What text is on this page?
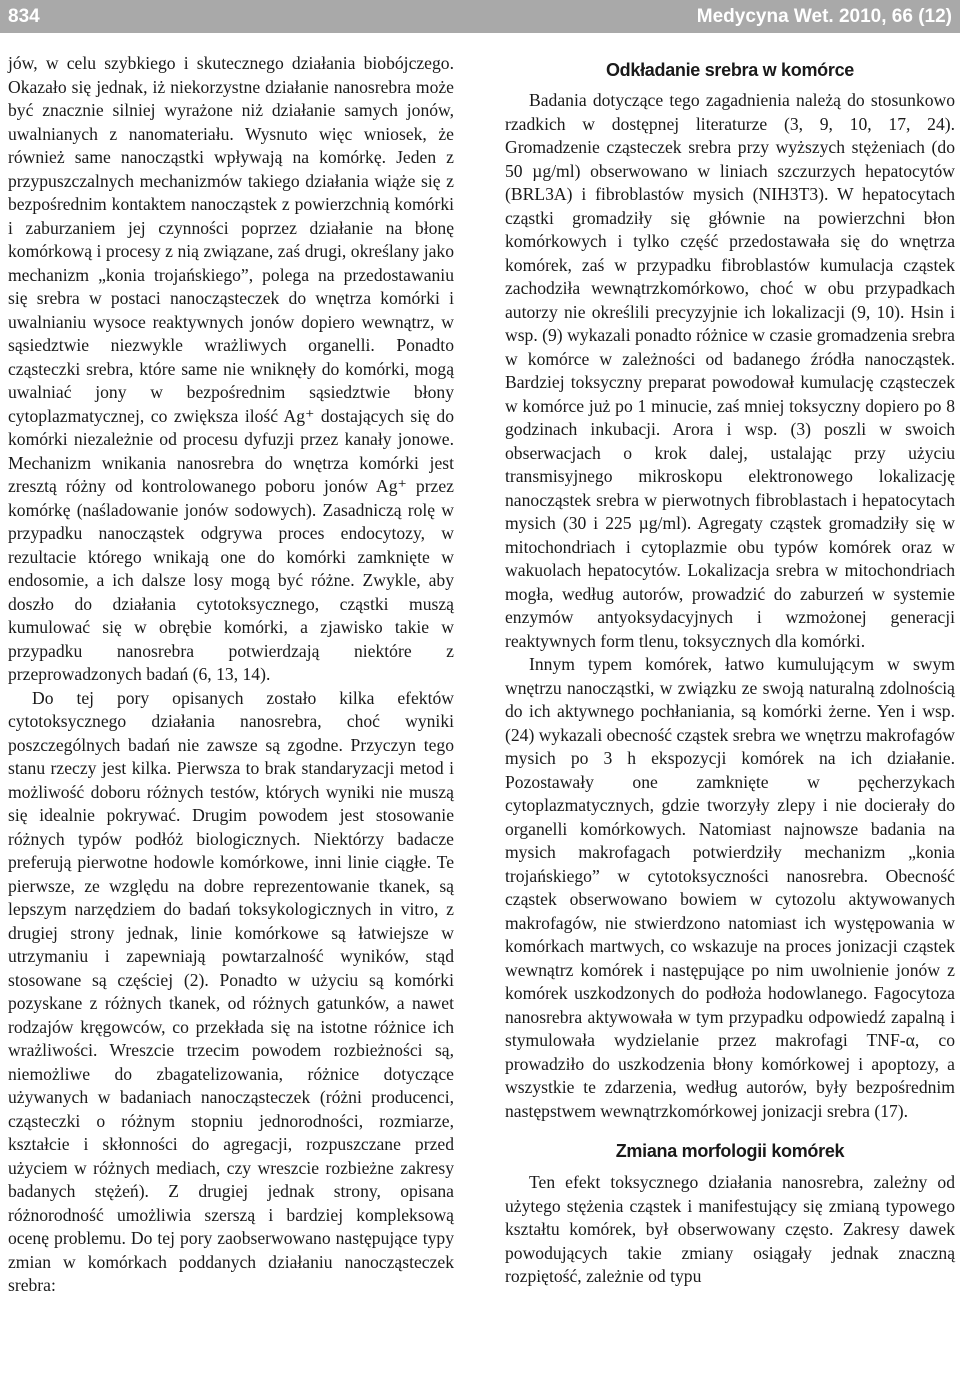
834	Medycyna Wet. 2010, 66 (12)

jów, w celu szybkiego i skutecznego działania biobójczego. Okazało się jednak, iż niekorzystne działanie nanosrebra może być znacznie silniej wyrażone niż działanie samych jonów, uwalnianych z nanomateriału. Wysnuto więc wniosek, że również same nanocząstki wpływają na komórkę. Jeden z przypuszczalnych mechanizmów takiego działania wiąże się z bezpośrednim kontaktem nanocząstek z powierzchnią komórki i zaburzaniem jej czynności poprzez działanie na błonę komórkową i procesy z nią związane, zaś drugi, określany jako mechanizm „konia trojańskiego”, polega na przedostawaniu się srebra w postaci nanocząsteczek do wnętrza komórki i uwalnianiu wysoce reaktywnych jonów dopiero wewnątrz, w sąsiedztwie niezwykle wrażliwych organelli. Ponadto cząsteczki srebra, które same nie wniknęły do komórki, mogą uwalniać jony w bezpośrednim sąsiedztwie błony cytoplazmatycznej, co zwiększa ilość Ag⁺ dostających się do komórki niezależnie od procesu dyfuzji przez kanały jonowe. Mechanizm wnikania nanosrebra do wnętrza komórki jest zresztą różny od kontrolowanego poboru jonów Ag⁺ przez komórkę (naśladowanie jonów sodowych). Zasadniczą rolę w przypadku nanocząstek odgrywa proces endocytozy, w rezultacie którego wnikają one do komórki zamknięte w endosomie, a ich dalsze losy mogą być różne. Zwykle, aby doszło do działania cytotoksycznego, cząstki muszą kumulować się w obrębie komórki, a zjawisko takie w przypadku nanosrebra potwierdzają niektóre z przeprowadzonych badań (6, 13, 14).

Do tej pory opisanych zostało kilka efektów cytotoksycznego działania nanosrebra, choć wyniki poszczególnych badań nie zawsze są zgodne. Przyczyn tego stanu rzeczy jest kilka. Pierwsza to brak standaryzacji metod i możliwość doboru różnych testów, których wyniki nie muszą się idealnie pokrywać. Drugim powodem jest stosowanie różnych typów podłóż biologicznych. Niektórzy badacze preferują pierwotne hodowle komórkowe, inni linie ciągłe. Te pierwsze, ze względu na dobre reprezentowanie tkanek, są lepszym narzędziem do badań toksykologicznych in vitro, z drugiej strony jednak, linie komórkowe są łatwiejsze w utrzymaniu i zapewniają powtarzalność wyników, stąd stosowane są częściej (2). Ponadto w użyciu są komórki pozyskane z różnych tkanek, od różnych gatunków, a nawet rodzajów kręgowców, co przekłada się na istotne różnice ich wrażliwości. Wreszcie trzecim powodem rozbieżności są, niemożliwe do zbagatelizowania, różnice dotyczące używanych w badaniach nanocząsteczek (różni producenci, cząsteczki o różnym stopniu jednorodności, rozmiarze, kształcie i skłonności do agregacji, rozpuszczane przed użyciem w różnych mediach, czy wreszcie rozbieżne zakresy badanych stężeń). Z drugiej jednak strony, opisana różnorodność umożliwia szerszą i bardziej kompleksową ocenę problemu. Do tej pory zaobserwowano następujące typy zmian w komórkach poddanych działaniu nanocząsteczek srebra:

Odkładanie srebra w komórce

Badania dotyczące tego zagadnienia należą do stosunkowo rzadkich w dostępnej literaturze (3, 9, 10, 17, 24). Gromadzenie cząsteczek srebra przy wyższych stężeniach (do 50 µg/ml) obserwowano w liniach szczurzych hepatocytów (BRL3A) i fibroblastów mysich (NIH3T3). W hepatocytach cząstki gromadziły się głównie na powierzchni błon komórkowych i tylko część przedostawała się do wnętrza komórek, zaś w przypadku fibroblastów kumulacja cząstek zachodziła wewnątrzkomórkowo, choć w obu przypadkach autorzy nie określili precyzyjnie ich lokalizacji (9, 10). Hsin i wsp. (9) wykazali ponadto różnice w czasie gromadzenia srebra w komórce w zależności od badanego źródła nanocząstek. Bardziej toksyczny preparat powodował kumulację cząsteczek w komórce już po 1 minucie, zaś mniej toksyczny dopiero po 8 godzinach inkubacji. Arora i wsp. (3) poszli w swoich obserwacjach o krok dalej, ustalając przy użyciu transmisyjnego mikroskopu elektronowego lokalizację nanocząstek srebra w pierwotnych fibroblastach i hepatocytach mysich (30 i 225 µg/ml). Agregaty cząstek gromadziły się w mitochondriach i cytoplazmie obu typów komórek oraz w wakuolach hepatocytów. Lokalizacja srebra w mitochondriach mogła, według autorów, prowadzić do zaburzeń w systemie enzymów antyoksydacyjnych i wzmożonej generacji reaktywnych form tlenu, toksycznych dla komórki.

Innym typem komórek, łatwo kumulującym w swym wnętrzu nanocząstki, w związku ze swoją naturalną zdolnością do ich aktywnego pochłaniania, są komórki żerne. Yen i wsp. (24) wykazali obecność cząstek srebra we wnętrzu makrofagów mysich po 3 h ekspozycji komórek na ich działanie. Pozostawały one zamknięte w pęcherzykach cytoplazmatycznych, gdzie tworzyły zlepy i nie docierały do organelli komórkowych. Natomiast najnowsze badania na mysich makrofagach potwierdziły mechanizm „konia trojańskiego” w cytotoksyczności nanosrebra. Obecność cząstek obserwowano bowiem w cytozolu aktywowanych makrofagów, nie stwierdzono natomiast ich występowania w komórkach martwych, co wskazuje na proces jonizacji cząstek wewnątrz komórek i następujące po nim uwolnienie jonów z komórek uszkodzonych do podłoża hodowlanego. Fagocytoza nanosrebra aktywowała w tym przypadku odpowiedź zapalną i stymulowała wydzielanie przez makrofagi TNF-α, co prowadziło do uszkodzenia błony komórkowej i apoptozy, a wszystkie te zdarzenia, według autorów, były bezpośrednim następstwem wewnątrzkomórkowej jonizacji srebra (17).

Zmiana morfologii komórek

Ten efekt toksycznego działania nanosrebra, zależny od użytego stężenia cząstek i manifestujący się zmianą typowego kształtu komórek, był obserwowany często. Zakresy dawek powodujących takie zmiany osiągały jednak znaczną rozpiętość, zależnie od typu
